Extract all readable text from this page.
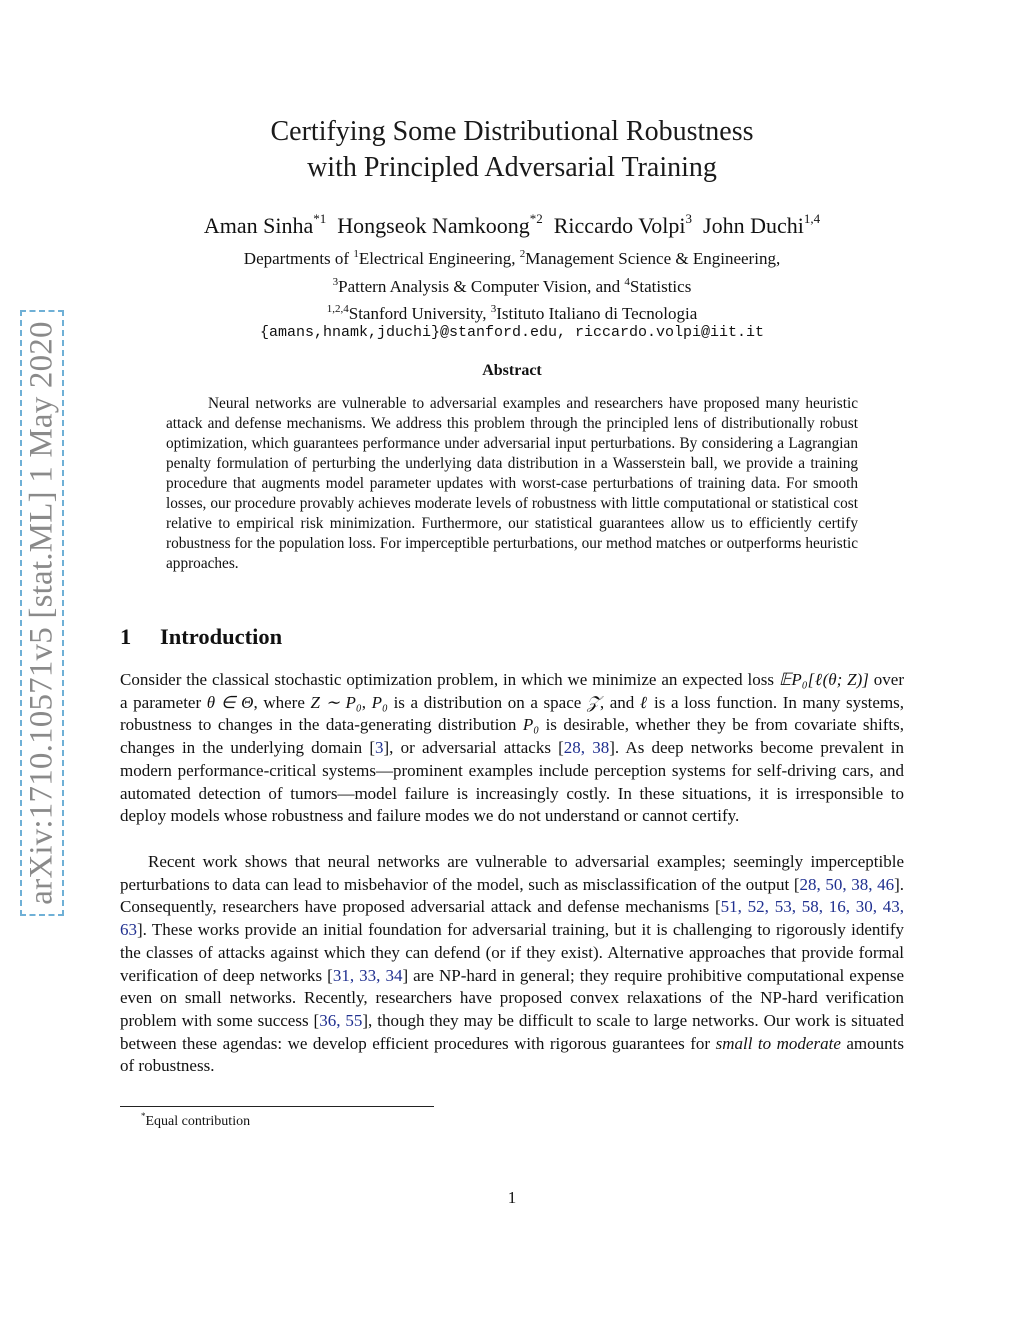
arXiv:1710.10571v5 [stat.ML] 1 May 2020
Certifying Some Distributional Robustness
with Principled Adversarial Training
Aman Sinha$^{*1}$ Hongseok Namkoong$^{*2}$ Riccardo Volpi$^3$ John Duchi$^{1,4}$
Departments of $^1$Electrical Engineering, $^2$Management Science & Engineering,
$^3$Pattern Analysis & Computer Vision, and $^4$Statistics
$^{1,2,4}$Stanford University, $^3$Istituto Italiano di Tecnologia
{amans,hnamk,jduchi}@stanford.edu, riccardo.volpi@iit.it
Abstract
Neural networks are vulnerable to adversarial examples and researchers have proposed many heuristic attack and defense mechanisms. We address this problem through the principled lens of distributionally robust optimization, which guarantees performance under adversarial input perturbations. By considering a Lagrangian penalty formulation of perturbing the underlying data distribution in a Wasserstein ball, we provide a training procedure that augments model parameter updates with worst-case perturbations of training data. For smooth losses, our procedure provably achieves moderate levels of robustness with little computational or statistical cost relative to empirical risk minimization. Furthermore, our statistical guarantees allow us to efficiently certify robustness for the population loss. For imperceptible perturbations, our method matches or outperforms heuristic approaches.
1 Introduction
Consider the classical stochastic optimization problem, in which we minimize an expected loss 𝔼P₀[ℓ(θ; Z)] over a parameter θ ∈ Θ, where Z ∼ P₀, P₀ is a distribution on a space 𝒵, and ℓ is a loss function. In many systems, robustness to changes in the data-generating distribution P₀ is desirable, whether they be from covariate shifts, changes in the underlying domain [3], or adversarial attacks [28, 38]. As deep networks become prevalent in modern performance-critical systems—prominent examples include perception systems for self-driving cars, and automated detection of tumors—model failure is increasingly costly. In these situations, it is irresponsible to deploy models whose robustness and failure modes we do not understand or cannot certify.
Recent work shows that neural networks are vulnerable to adversarial examples; seemingly imperceptible perturbations to data can lead to misbehavior of the model, such as misclassification of the output [28, 50, 38, 46]. Consequently, researchers have proposed adversarial attack and defense mechanisms [51, 52, 53, 58, 16, 30, 43, 63]. These works provide an initial foundation for adversarial training, but it is challenging to rigorously identify the classes of attacks against which they can defend (or if they exist). Alternative approaches that provide formal verification of deep networks [31, 33, 34] are NP-hard in general; they require prohibitive computational expense even on small networks. Recently, researchers have proposed convex relaxations of the NP-hard verification problem with some success [36, 55], though they may be difficult to scale to large networks. Our work is situated between these agendas: we develop efficient procedures with rigorous guarantees for small to moderate amounts of robustness.
*Equal contribution
1
